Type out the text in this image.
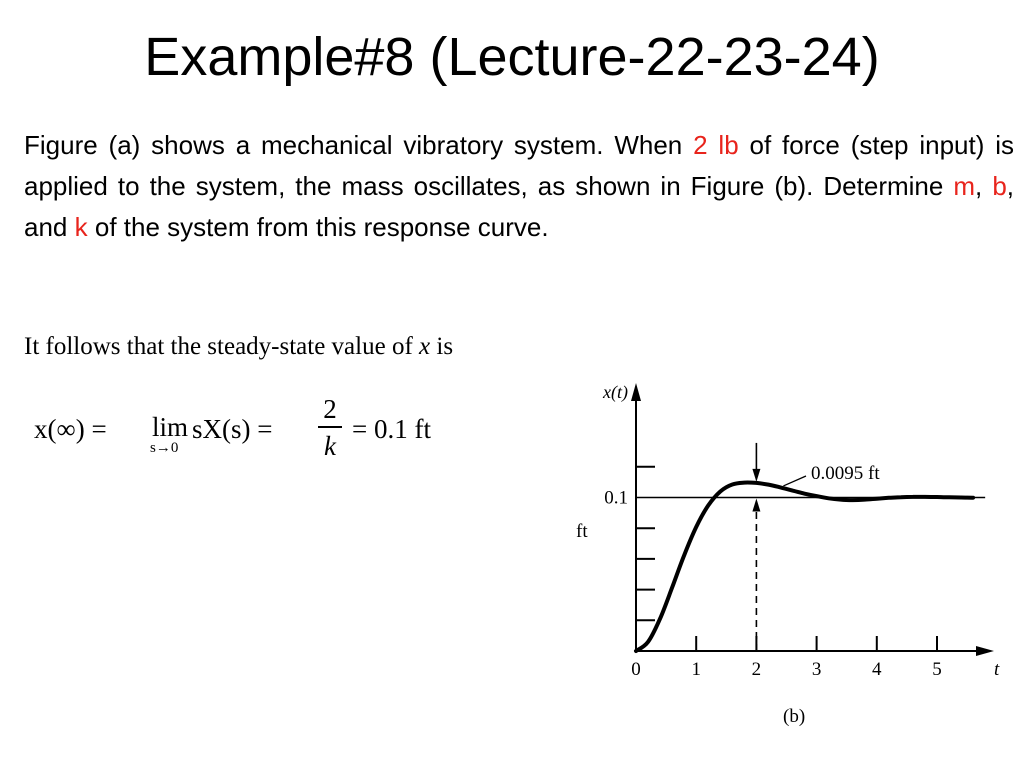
Example#8 (Lecture-22-23-24)

Figure (a) shows a mechanical vibratory system. When 2 lb of force (step input) is applied to the system, the mass oscillates, as shown in Figure (b). Determine m, b, and k of the system from this response curve.

It follows that the steady-state value of x is
x(∞) = lim
s→0
sX(s) =
2
k
= 0.1 ft
0	1	2	3	4	5
0.1
x(t)
ft
t
(b)
0.0095 ft
